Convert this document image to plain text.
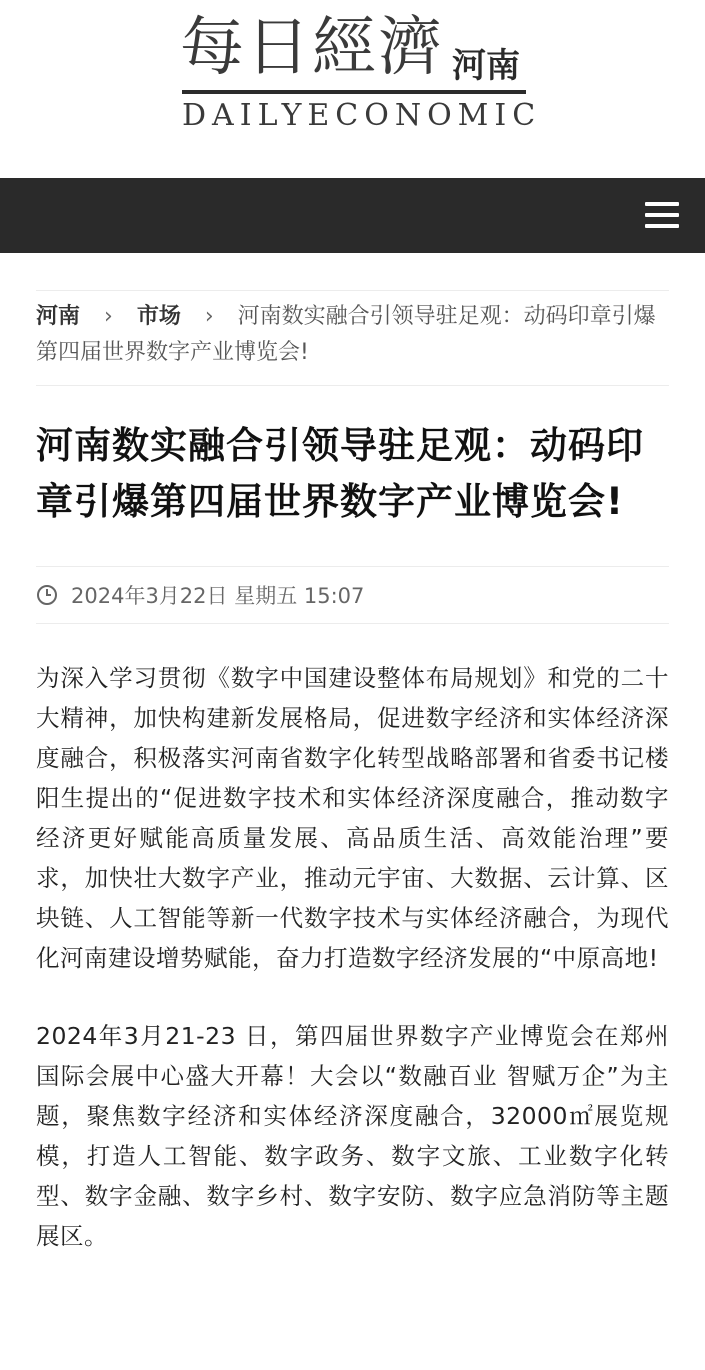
每日經濟 河南
DAILYECONOMIC
河南 › 市场 › 河南数实融合引领导驻足观：动码印章引爆第四届世界数字产业博览会!
河南数实融合引领导驻足观：动码印章引爆第四届世界数字产业博览会!
2024年3月22日 星期五 15:07

为深入学习贯彻《数字中国建设整体布局规划》和党的二十大精神，加快构建新发展格局，促进数字经济和实体经济深度融合，积极落实河南省数字化转型战略部署和省委书记楼阳生提出的“促进数字技术和实体经济深度融合，推动数字经济更好赋能高质量发展、高品质生活、高效能治理”要求，加快壮大数字产业，推动元宇宙、大数据、云计算、区块链、人工智能等新一代数字技术与实体经济融合，为现代化河南建设增势赋能，奋力打造数字经济发展的“中原高地!

2024年3月21-23 日，第四届世界数字产业博览会在郑州国际会展中心盛大开幕！大会以“数融百业 智赋万企”为主题，聚焦数字经济和实体经济深度融合，32000㎡展览规模，打造人工智能、数字政务、数字文旅、工业数字化转型、数字金融、数字乡村、数字安防、数字应急消防等主题展区。
